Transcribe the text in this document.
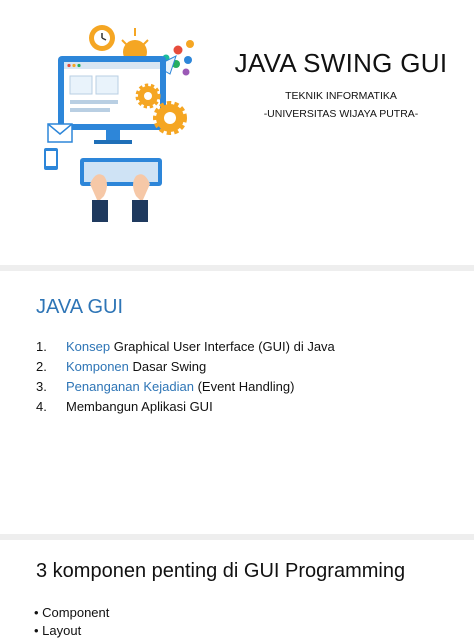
JAVA SWING GUI
TEKNIK INFORMATIKA
-UNIVERSITAS WIJAYA PUTRA-
JAVA GUI
1.	Konsep Graphical User Interface (GUI) di Java
2.	Komponen Dasar Swing
3.	Penanganan Kejadian (Event Handling)
4.	Membangun Aplikasi GUI
3 komponen penting di GUI Programming
• Component
• Layout
